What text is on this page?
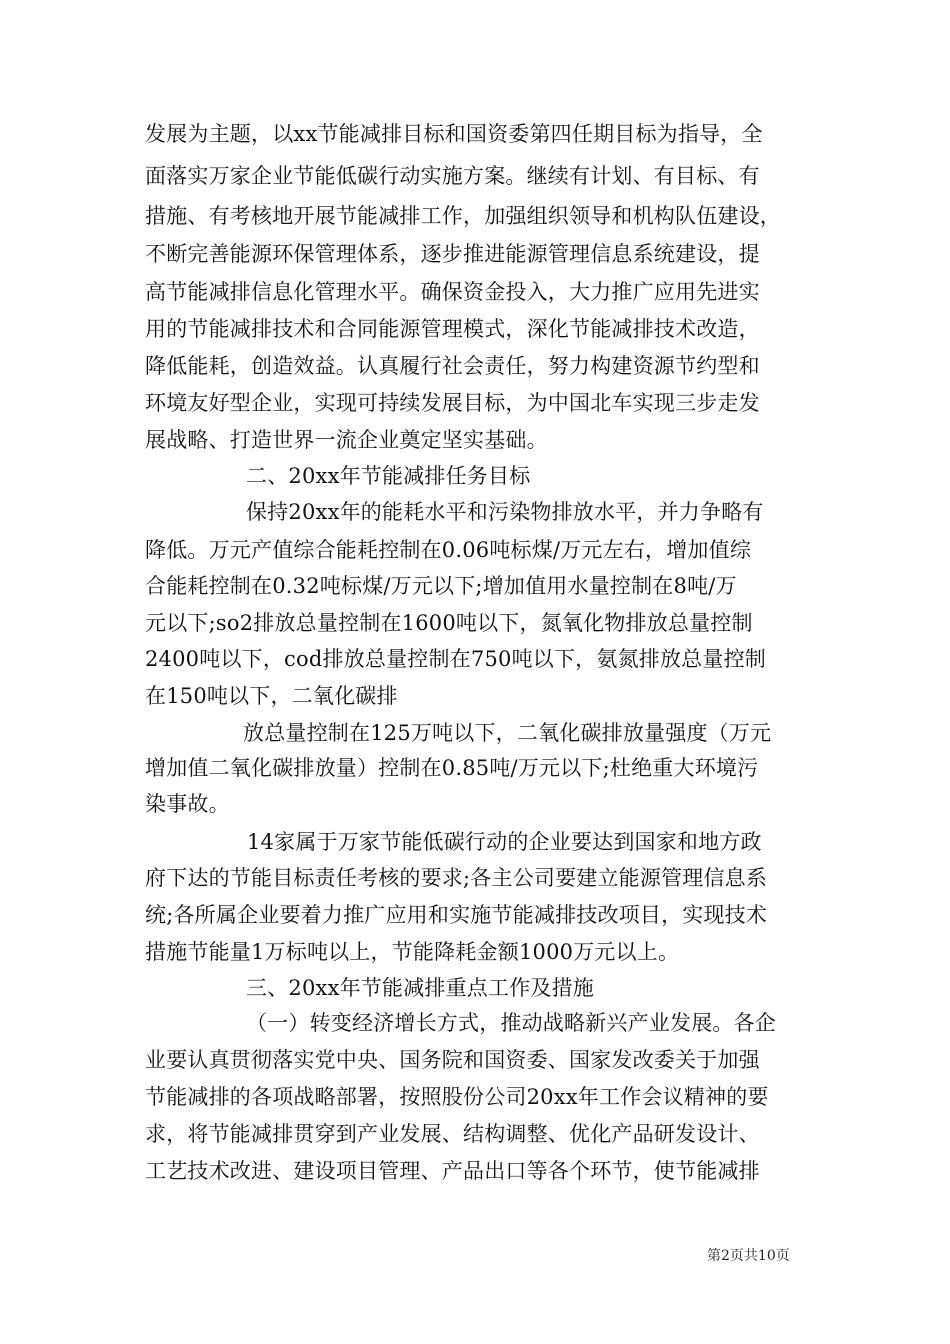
发展为主题，以xx节能减排目标和国资委第四任期目标为指导，全
面落实万家企业节能低碳行动实施方案。继续有计划、有目标、有
措施、有考核地开展节能减排工作，加强组织领导和机构队伍建设，
不断完善能源环保管理体系，逐步推进能源管理信息系统建设，提
高节能减排信息化管理水平。确保资金投入，大力推广应用先进实
用的节能减排技术和合同能源管理模式，深化节能减排技术改造，
降低能耗，创造效益。认真履行社会责任，努力构建资源节约型和
环境友好型企业，实现可持续发展目标，为中国北车实现三步走发
展战略、打造世界一流企业奠定坚实基础。
二、20xx年节能减排任务目标
保持20xx年的能耗水平和污染物排放水平，并力争略有
降低。万元产值综合能耗控制在0.06吨标煤/万元左右，增加值综
合能耗控制在0.32吨标煤/万元以下;增加值用水量控制在8吨/万
元以下;so2排放总量控制在1600吨以下，氮氧化物排放总量控制
2400吨以下，cod排放总量控制在750吨以下，氨氮排放总量控制
在150吨以下，二氧化碳排
放总量控制在125万吨以下，二氧化碳排放量强度（万元
增加值二氧化碳排放量）控制在0.85吨/万元以下;杜绝重大环境污
染事故。
14家属于万家节能低碳行动的企业要达到国家和地方政
府下达的节能目标责任考核的要求;各主公司要建立能源管理信息系
统;各所属企业要着力推广应用和实施节能减排技改项目，实现技术
措施节能量1万标吨以上，节能降耗金额1000万元以上。
三、20xx年节能减排重点工作及措施
（一）转变经济增长方式，推动战略新兴产业发展。各企
业要认真贯彻落实党中央、国务院和国资委、国家发改委关于加强
节能减排的各项战略部署，按照股份公司20xx年工作会议精神的要
求，将节能减排贯穿到产业发展、结构调整、优化产品研发设计、
工艺技术改进、建设项目管理、产品出口等各个环节，使节能减排
第2页共10页
